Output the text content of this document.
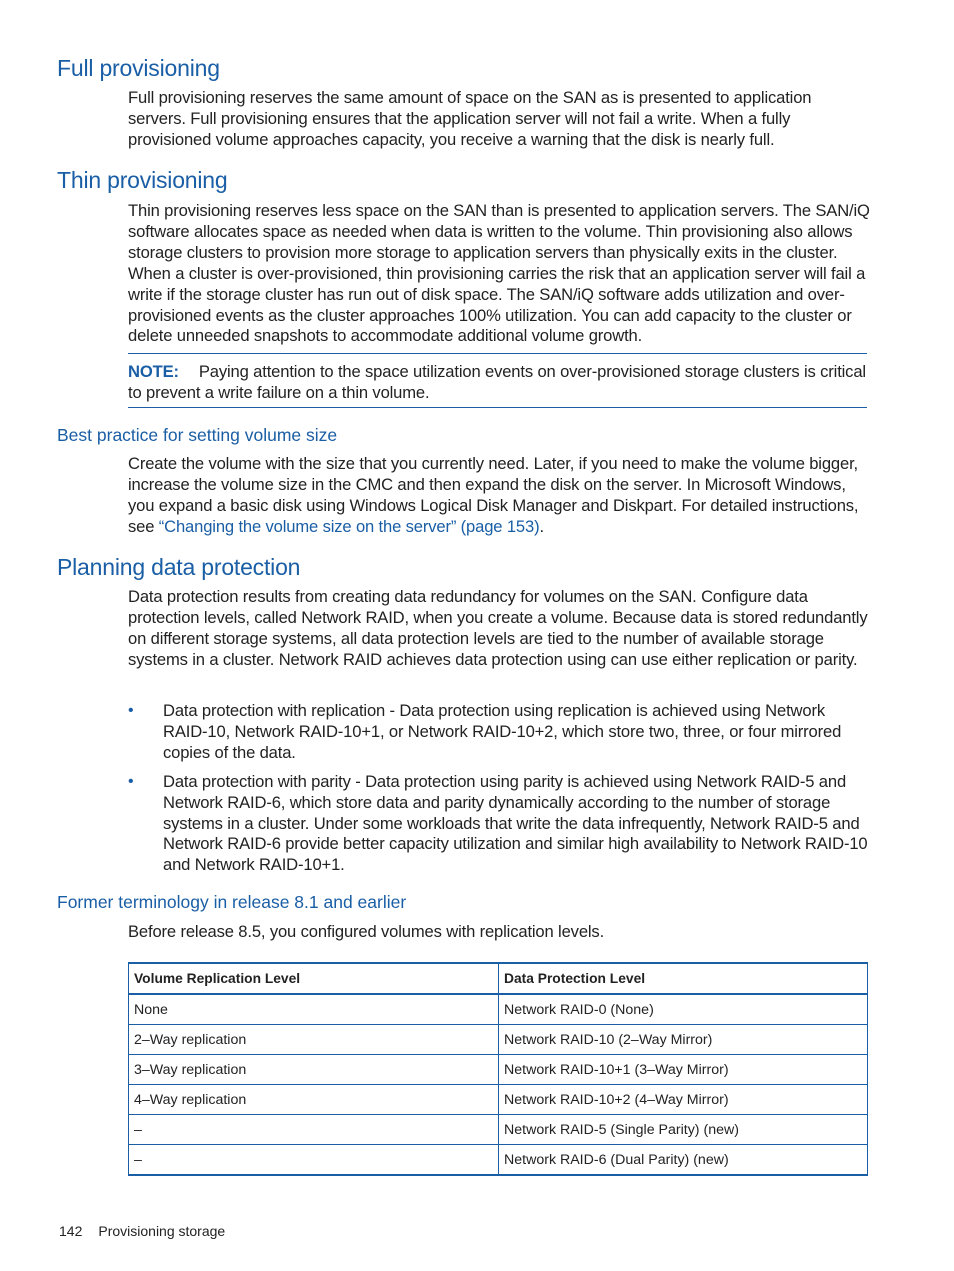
Full provisioning

Full provisioning reserves the same amount of space on the SAN as is presented to application servers. Full provisioning ensures that the application server will not fail a write. When a fully provisioned volume approaches capacity, you receive a warning that the disk is nearly full.

Thin provisioning

Thin provisioning reserves less space on the SAN than is presented to application servers. The SAN/iQ software allocates space as needed when data is written to the volume. Thin provisioning also allows storage clusters to provision more storage to application servers than physically exits in the cluster. When a cluster is over-provisioned, thin provisioning carries the risk that an application server will fail a write if the storage cluster has run out of disk space. The SAN/iQ software adds utilization and over-provisioned events as the cluster approaches 100% utilization. You can add capacity to the cluster or delete unneeded snapshots to accommodate additional volume growth.

NOTE: Paying attention to the space utilization events on over-provisioned storage clusters is critical to prevent a write failure on a thin volume.

Best practice for setting volume size

Create the volume with the size that you currently need. Later, if you need to make the volume bigger, increase the volume size in the CMC and then expand the disk on the server. In Microsoft Windows, you expand a basic disk using Windows Logical Disk Manager and Diskpart. For detailed instructions, see “Changing the volume size on the server” (page 153).

Planning data protection

Data protection results from creating data redundancy for volumes on the SAN. Configure data protection levels, called Network RAID, when you create a volume. Because data is stored redundantly on different storage systems, all data protection levels are tied to the number of available storage systems in a cluster. Network RAID achieves data protection using can use either replication or parity.

• Data protection with replication - Data protection using replication is achieved using Network RAID-10, Network RAID-10+1, or Network RAID-10+2, which store two, three, or four mirrored copies of the data.
• Data protection with parity - Data protection using parity is achieved using Network RAID-5 and Network RAID-6, which store data and parity dynamically according to the number of storage systems in a cluster. Under some workloads that write the data infrequently, Network RAID-5 and Network RAID-6 provide better capacity utilization and similar high availability to Network RAID-10 and Network RAID-10+1.
Former terminology in release 8.1 and earlier

Before release 8.5, you configured volumes with replication levels.

Volume Replication Level	Data Protection Level
None	Network RAID-0 (None)
2–Way replication	Network RAID-10 (2–Way Mirror)
3–Way replication	Network RAID-10+1 (3–Way Mirror)
4–Way replication	Network RAID-10+2 (4–Way Mirror)
–	Network RAID-5 (Single Parity) (new)
–	Network RAID-6 (Dual Parity) (new)
142 Provisioning storage
